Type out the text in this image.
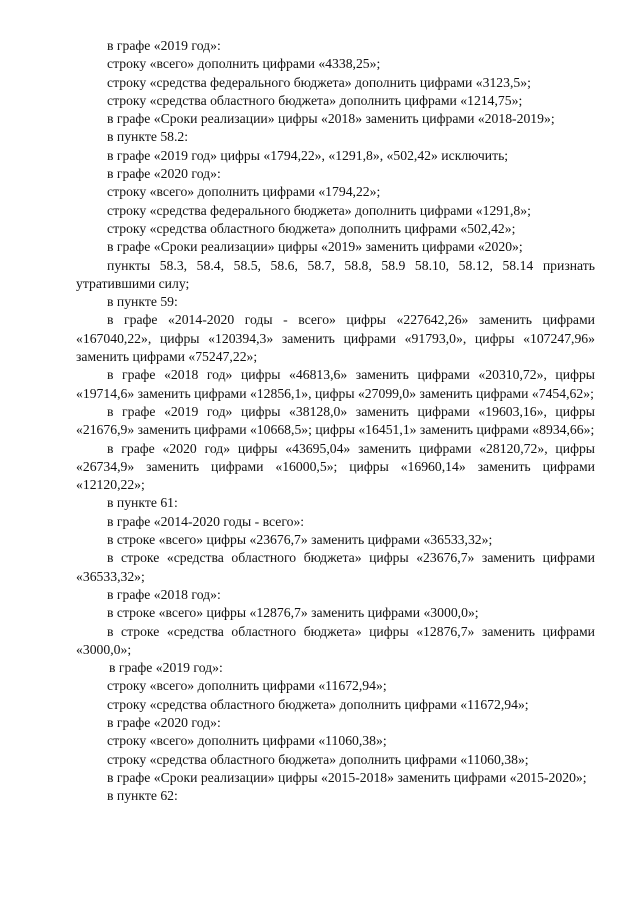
в графе «2019 год»:

строку «всего» дополнить цифрами «4338,25»;

строку «средства федерального бюджета» дополнить цифрами «3123,5»;

строку «средства областного бюджета» дополнить цифрами «1214,75»;

в графе «Сроки реализации» цифры «2018» заменить цифрами «2018-2019»;

в пункте 58.2:

в графе «2019 год» цифры «1794,22», «1291,8», «502,42» исключить;

в графе «2020 год»:

строку «всего» дополнить цифрами «1794,22»;

строку «средства федерального бюджета» дополнить цифрами «1291,8»;

строку «средства областного бюджета» дополнить цифрами «502,42»;

в графе «Сроки реализации» цифры «2019» заменить цифрами «2020»;

пункты 58.3, 58.4, 58.5, 58.6, 58.7, 58.8, 58.9 58.10, 58.12, 58.14 признать утратившими силу;

в пункте 59:

в графе «2014-2020 годы - всего» цифры «227642,26» заменить цифрами «167040,22», цифры «120394,3» заменить цифрами «91793,0», цифры «107247,96» заменить цифрами «75247,22»;

в графе «2018 год» цифры «46813,6» заменить цифрами «20310,72», цифры «19714,6» заменить цифрами «12856,1», цифры «27099,0» заменить цифрами «7454,62»;

в графе «2019 год» цифры «38128,0» заменить цифрами «19603,16», цифры «21676,9» заменить цифрами «10668,5»; цифры «16451,1» заменить цифрами «8934,66»;

в графе «2020 год» цифры «43695,04» заменить цифрами «28120,72», цифры «26734,9» заменить цифрами «16000,5»; цифры «16960,14» заменить цифрами «12120,22»;

в пункте 61:

в графе «2014-2020 годы - всего»:

в строке «всего» цифры «23676,7» заменить цифрами «36533,32»;

в строке «средства областного бюджета» цифры «23676,7» заменить цифрами «36533,32»;

в графе «2018 год»:

в строке «всего» цифры «12876,7» заменить цифрами «3000,0»;

в строке «средства областного бюджета» цифры «12876,7» заменить цифрами «3000,0»;

в графе «2019 год»:

строку «всего» дополнить цифрами «11672,94»;

строку «средства областного бюджета» дополнить цифрами «11672,94»;

в графе «2020 год»:

строку «всего» дополнить цифрами «11060,38»;

строку «средства областного бюджета» дополнить цифрами «11060,38»;

в графе «Сроки реализации» цифры «2015-2018» заменить цифрами «2015-2020»;

в пункте 62:
